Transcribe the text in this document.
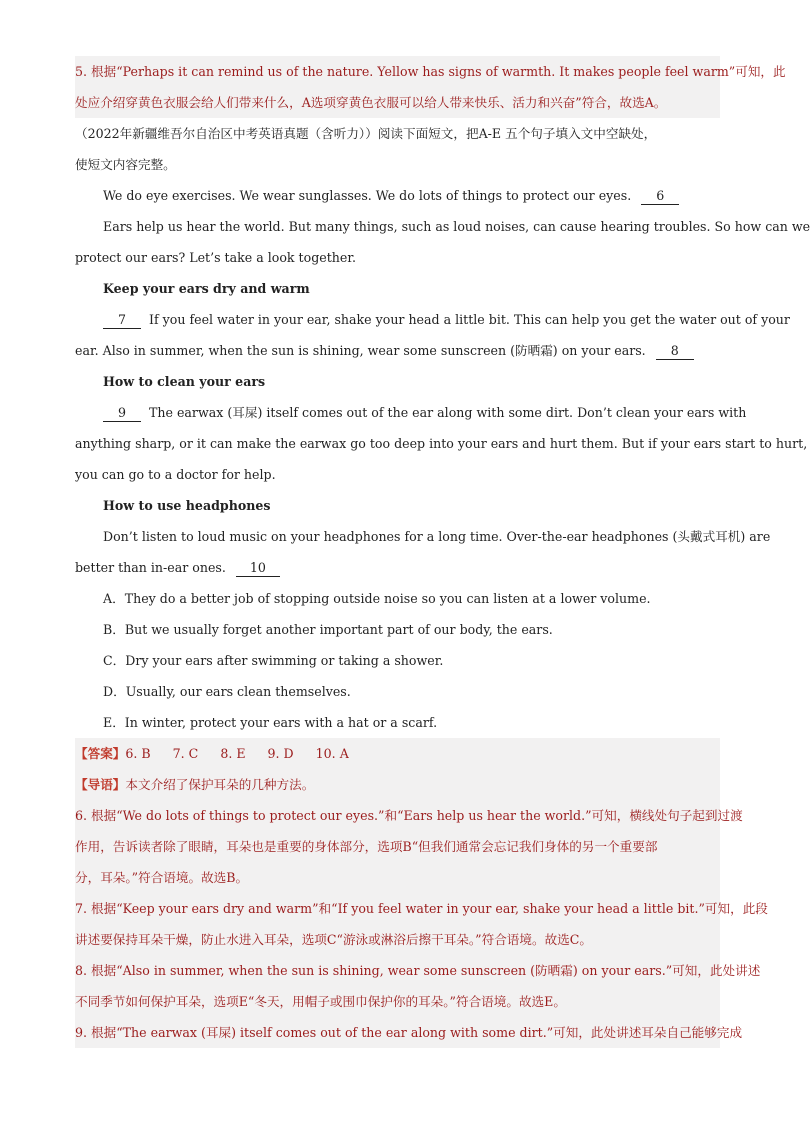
5. 根据“Perhaps it can remind us of the nature. Yellow has signs of warmth. It makes people feel warm”可知，此
处应介绍穿黄色衣服会给人们带来什么，A选项穿黄色衣服可以给人带来快乐、活力和兴奋”符合，故选A。
（2022年新疆维吾尔自治区中考英语真题（含听力））阅读下面短文，把A-E 五个句子填入文中空缺处，
使短文内容完整。
We do eye exercises. We wear sunglasses. We do lots of things to protect our eyes. 6
Ears help us hear the world. But many things, such as loud noises, can cause hearing troubles. So how can we
protect our ears? Let’s take a look together.
Keep your ears dry and warm
7 If you feel water in your ear, shake your head a little bit. This can help you get the water out of your
ear. Also in summer, when the sun is shining, wear some sunscreen (防晒霜) on your ears. 8
How to clean your ears
9 The earwax (耳屎) itself comes out of the ear along with some dirt. Don’t clean your ears with
anything sharp, or it can make the earwax go too deep into your ears and hurt them. But if your ears start to hurt,
you can go to a doctor for help.
How to use headphones
Don’t listen to loud music on your headphones for a long time. Over-the-ear headphones (头戴式耳机) are
better than in-ear ones. 10
A．They do a better job of stopping outside noise so you can listen at a lower volume.
B．But we usually forget another important part of our body, the ears.
C．Dry your ears after swimming or taking a shower.
D．Usually, our ears clean themselves.
E．In winter, protect your ears with a hat or a scarf.
【答案】6. B 7. C 8. E 9. D 10. A
【导语】本文介绍了保护耳朵的几种方法。
6. 根据“We do lots of things to protect our eyes.”和“Ears help us hear the world.”可知，横线处句子起到过渡
作用，告诉读者除了眼睛，耳朵也是重要的身体部分，选项B“但我们通常会忘记我们身体的另一个重要部
分，耳朵。”符合语境。故选B。
7. 根据“Keep your ears dry and warm”和“If you feel water in your ear, shake your head a little bit.”可知，此段
讲述要保持耳朵干燥，防止水进入耳朵，选项C“游泳或淋浴后擦干耳朵。”符合语境。故选C。
8. 根据“Also in summer, when the sun is shining, wear some sunscreen (防晒霜) on your ears.”可知，此处讲述
不同季节如何保护耳朵，选项E“冬天，用帽子或围巾保护你的耳朵。”符合语境。故选E。
9. 根据“The earwax (耳屎) itself comes out of the ear along with some dirt.”可知，此处讲述耳朵自己能够完成
